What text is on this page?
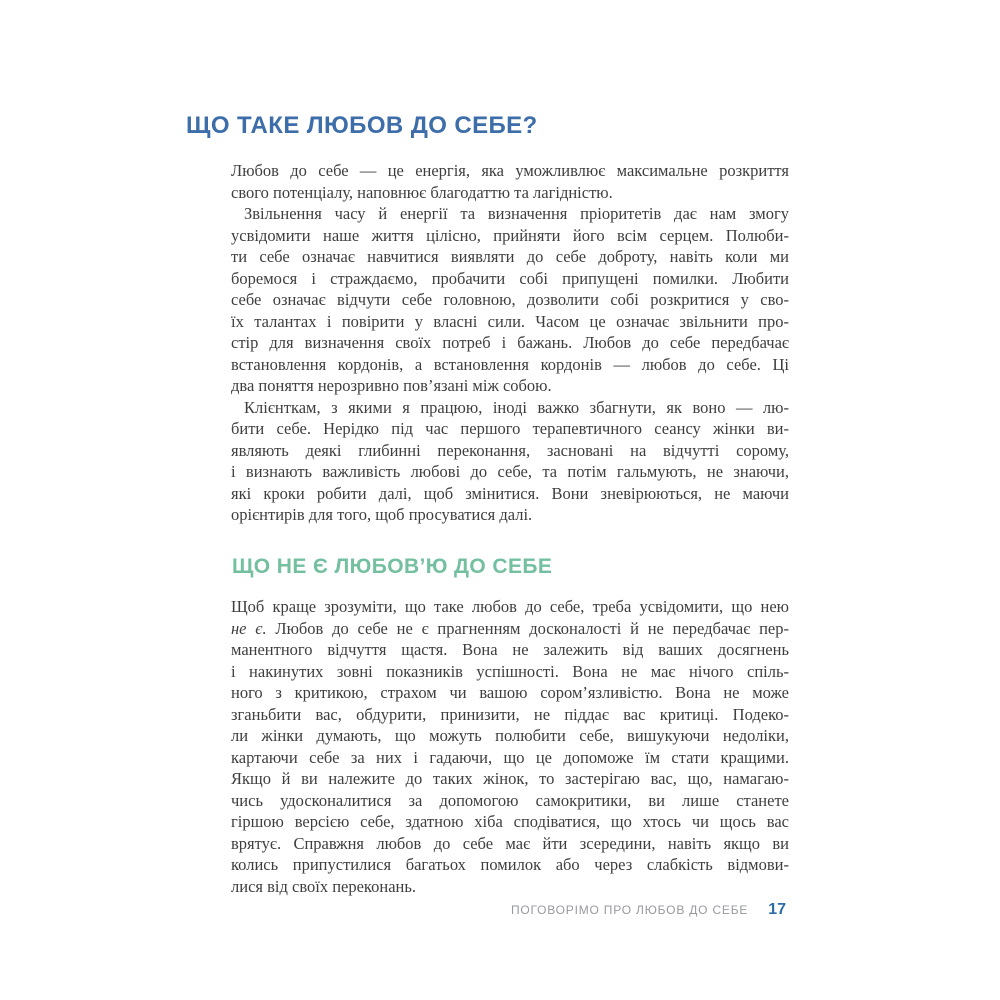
ЩО ТАКЕ ЛЮБОВ ДО СЕБЕ?
Любов до себе — це енергія, яка уможливлює максимальне розкриття
свого потенціалу, наповнює благодаттю та лагідністю.
Звільнення часу й енергії та визначення пріоритетів дає нам змогу
усвідомити наше життя цілісно, прийняти його всім серцем. Полюби-
ти себе означає навчитися виявляти до себе доброту, навіть коли ми
боремося і страждаємо, пробачити собі припущені помилки. Любити
себе означає відчути себе головною, дозволити собі розкритися у сво-
їх талантах і повірити у власні сили. Часом це означає звільнити про-
стір для визначення своїх потреб і бажань. Любов до себе передбачає
встановлення кордонів, а встановлення кордонів — любов до себе. Ці
два поняття нерозривно пов’язані між собою.
Клієнткам, з якими я працюю, іноді важко збагнути, як воно — лю-
бити себе. Нерідко під час першого терапевтичного сеансу жінки ви-
являють деякі глибинні переконання, засновані на відчутті сорому,
і визнають важливість любові до себе, та потім гальмують, не знаючи,
які кроки робити далі, щоб змінитися. Вони зневірюються, не маючи
орієнтирів для того, щоб просуватися далі.
ЩО НЕ Є ЛЮБОВ’Ю ДО СЕБЕ
Щоб краще зрозуміти, що таке любов до себе, треба усвідомити, що нею
не є. Любов до себе не є прагненням досконалості й не передбачає пер-
манентного відчуття щастя. Вона не залежить від ваших досягнень
і накинутих зовні показників успішності. Вона не має нічого спіль-
ного з критикою, страхом чи вашою сором’язливістю. Вона не може
зганьбити вас, обдурити, принизити, не піддає вас критиці. Подеко-
ли жінки думають, що можуть полюбити себе, вишукуючи недоліки,
картаючи себе за них і гадаючи, що це допоможе їм стати кращими.
Якщо й ви належите до таких жінок, то застерігаю вас, що, намагаю-
чись удосконалитися за допомогою самокритики, ви лише станете
гіршою версією себе, здатною хіба сподіватися, що хтось чи щось вас
врятує. Справжня любов до себе має йти зсередини, навіть якщо ви
колись припустилися багатьох помилок або через слабкість відмови-
лися від своїх переконань.
ПОГОВОРІМО ПРО ЛЮБОВ ДО СЕБЕ 17
